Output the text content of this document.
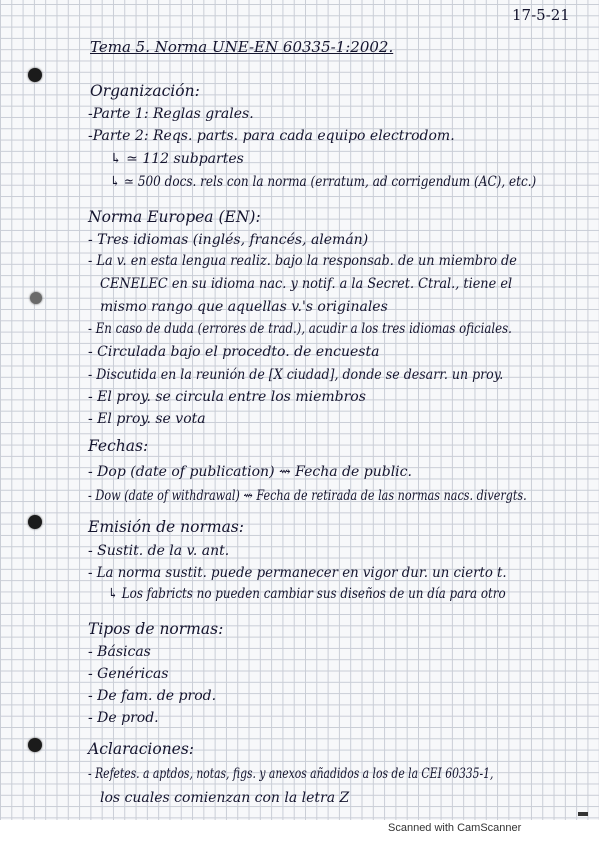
17-5-21
Tema 5. Norma UNE-EN 60335-1:2002.
Organización:
-Parte 1: Reglas grales.
-Parte 2: Reqs. parts. para cada equipo electrodom.
↳ ≃ 112 subpartes
↳ ≃ 500 docs. rels con la norma (erratum, ad corrigendum (AC), etc.)
Norma Europea (EN):
- Tres idiomas (inglés, francés, alemán)
- La v. en esta lengua realiz. bajo la responsab. de un miembro de
CENELEC en su idioma nac. y notif. a la Secret. Ctral., tiene el
mismo rango que aquellas v.'s originales
- En caso de duda (errores de trad.), acudir a los tres idiomas oficiales.
- Circulada bajo el procedto. de encuesta
- Discutida en la reunión de [X ciudad], donde se desarr. un proy.
- El proy. se circula entre los miembros
- El proy. se vota
Fechas:
- Dop (date of publication) ⇝ Fecha de public.
- Dow (date of withdrawal) ⇝ Fecha de retirada de las normas nacs. divergts.
Emisión de normas:
- Sustit. de la v. ant.
- La norma sustit. puede permanecer en vigor dur. un cierto t.
↳ Los fabricts no pueden cambiar sus diseños de un día para otro
Tipos de normas:
- Básicas
- Genéricas
- De fam. de prod.
- De prod.
Aclaraciones:
- Refetes. a aptdos, notas, figs. y anexos añadidos a los de la CEI 60335-1,
los cuales comienzan con la letra Z
Scanned with CamScanner
